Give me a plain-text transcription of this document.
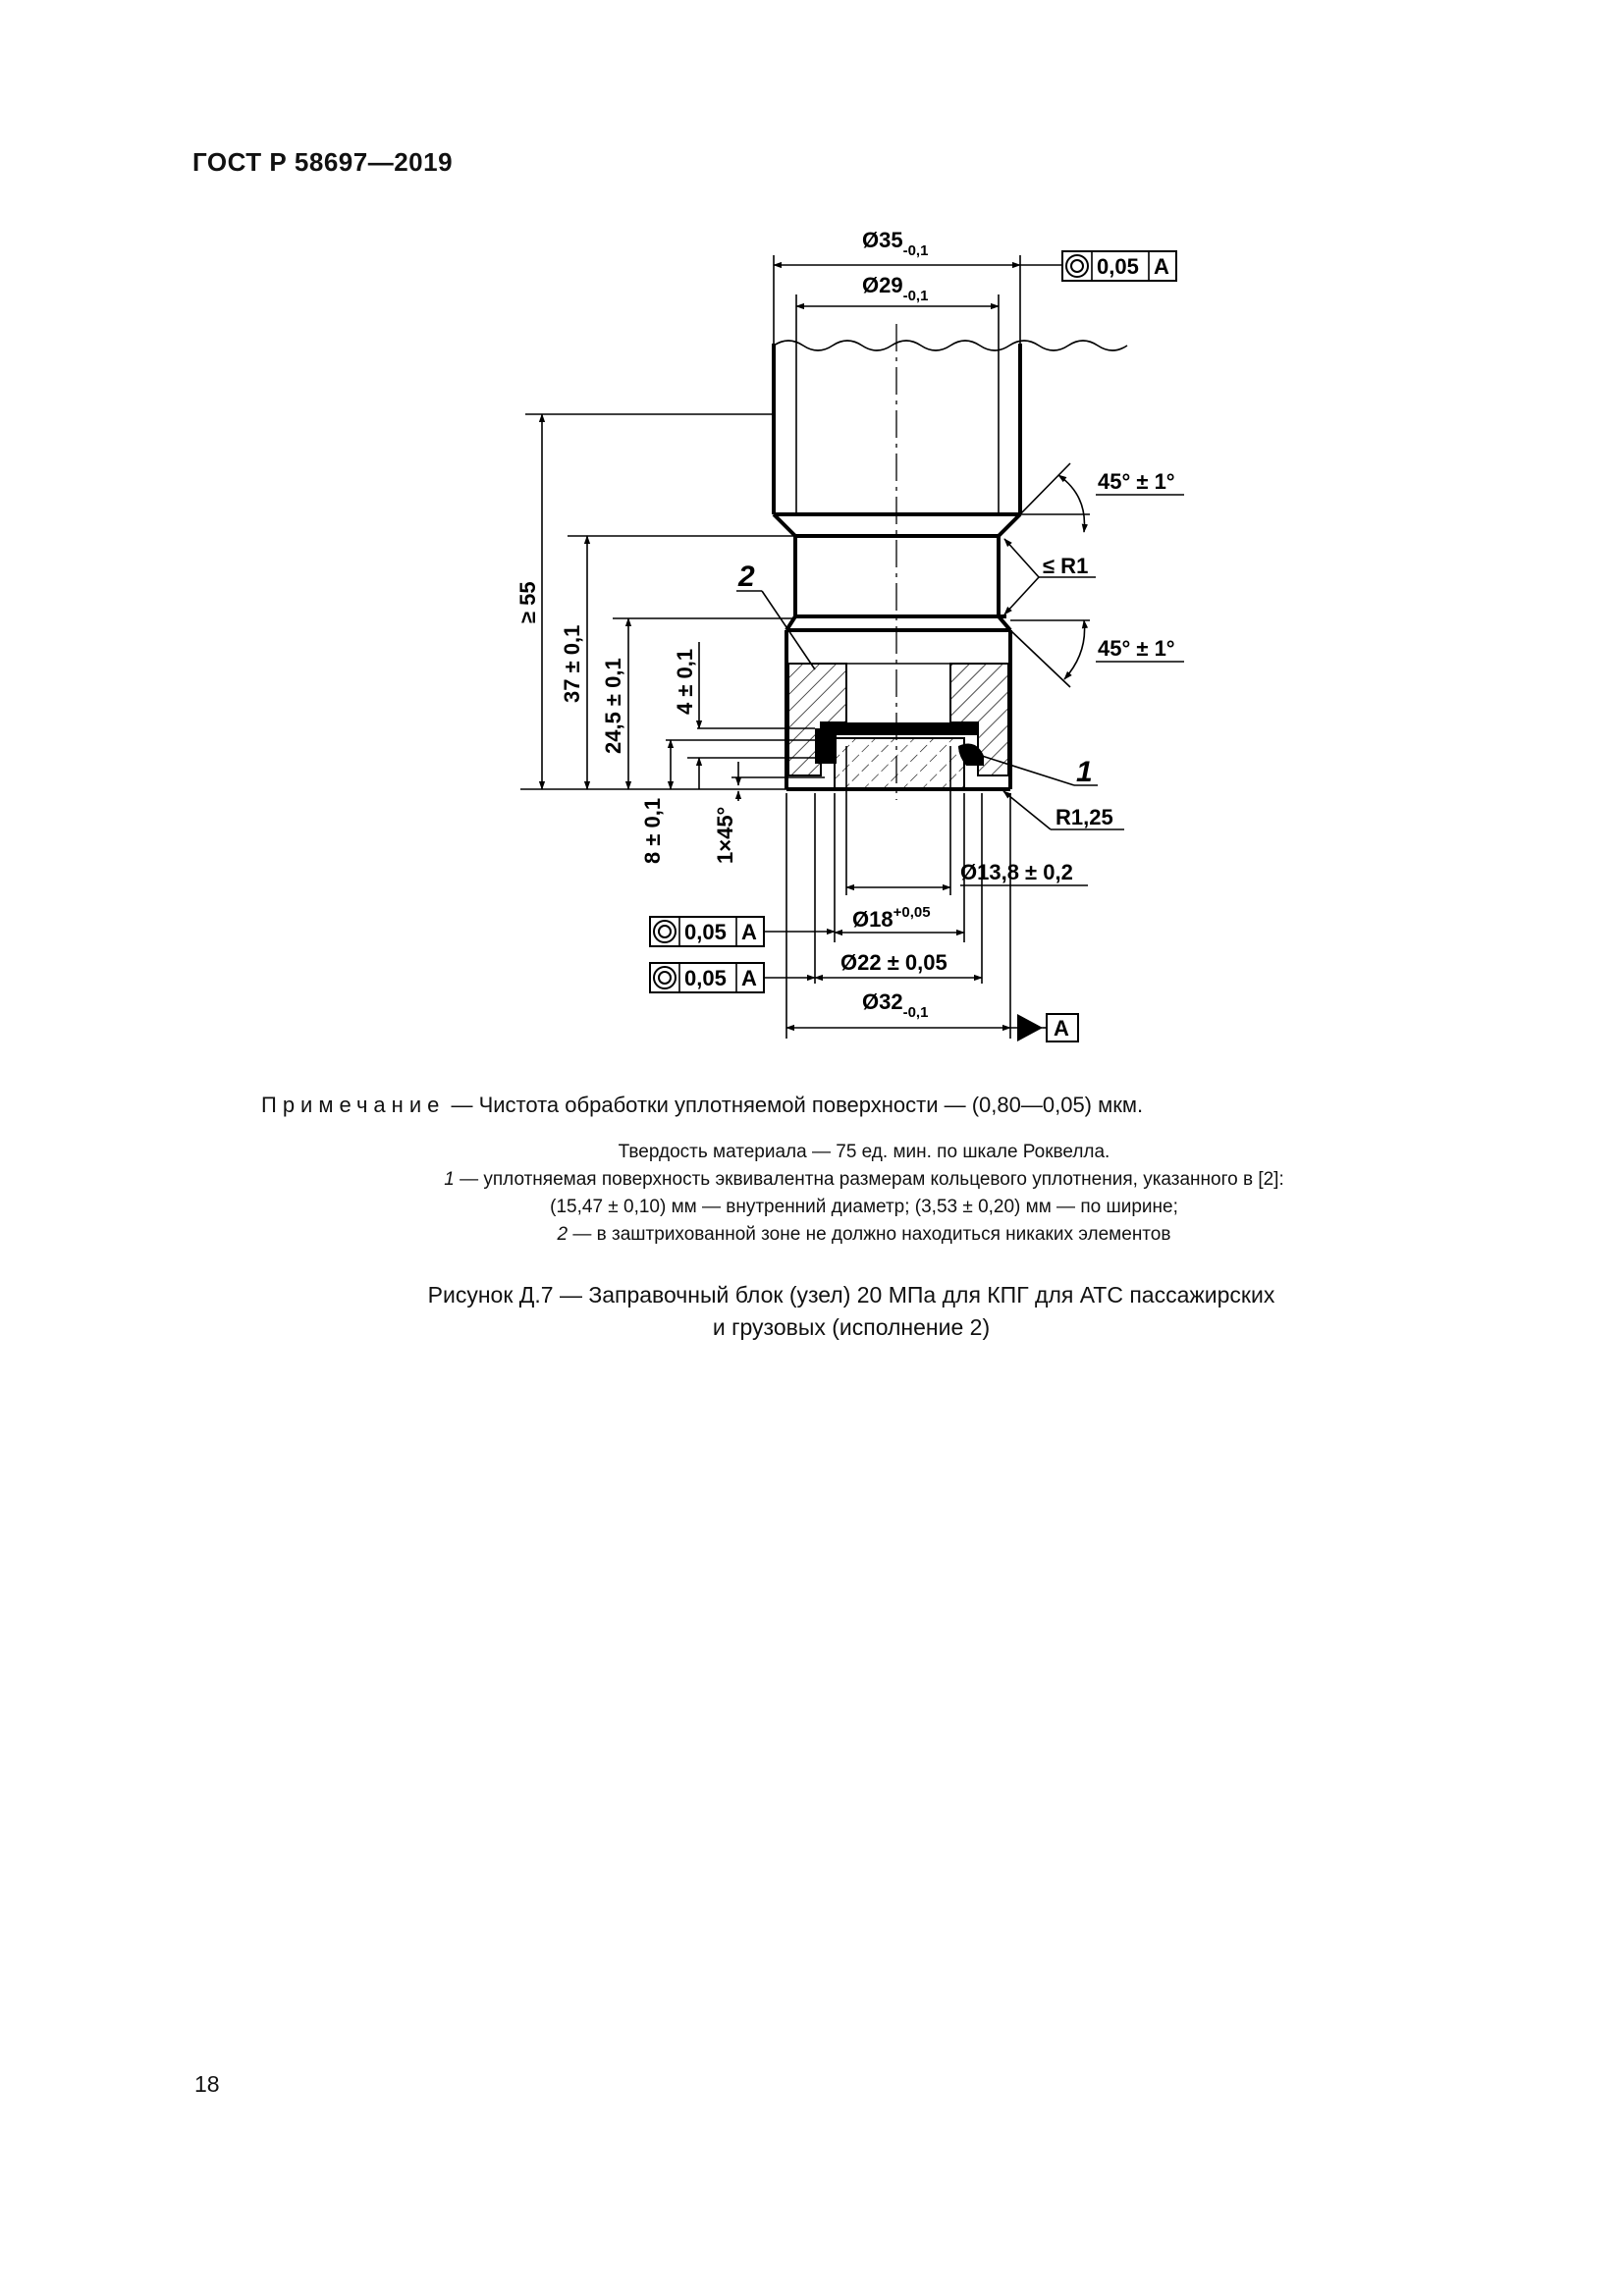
ГОСТ Р 58697—2019
$Ø35_{-0,1}$
$Ø29_{-0,1}$
0,05 A
45° ± 1°
45° ± 1°
≤ R1
R1,25
1
2
≥ 55
37 ± 0,1 24,5 ± 0,1 4 ± 0,1
8 ± 0,1 1×45°
Ø13,8 ± 0,2
$Ø18^{+0,05}$
Ø22 ± 0,05
$Ø32_{-0,1}$
A
0,05 A
0,05 A

Примечание — Чистота обработки уплотняемой поверхности — (0,80—0,05) мкм.

Твердость материала — 75 ед. мин. по шкале Роквелла.

1 — уплотняемая поверхность эквивалентна размерам кольцевого уплотнения, указанного в [2]:

(15,47 ± 0,10) мм — внутренний диаметр; (3,53 ± 0,20) мм — по ширине;

2 — в заштрихованной зоне не должно находиться никаких элементов

Рисунок Д.7 — Заправочный блок (узел) 20 МПа для КПГ для АТС пассажирских

и грузовых (исполнение 2)

18
